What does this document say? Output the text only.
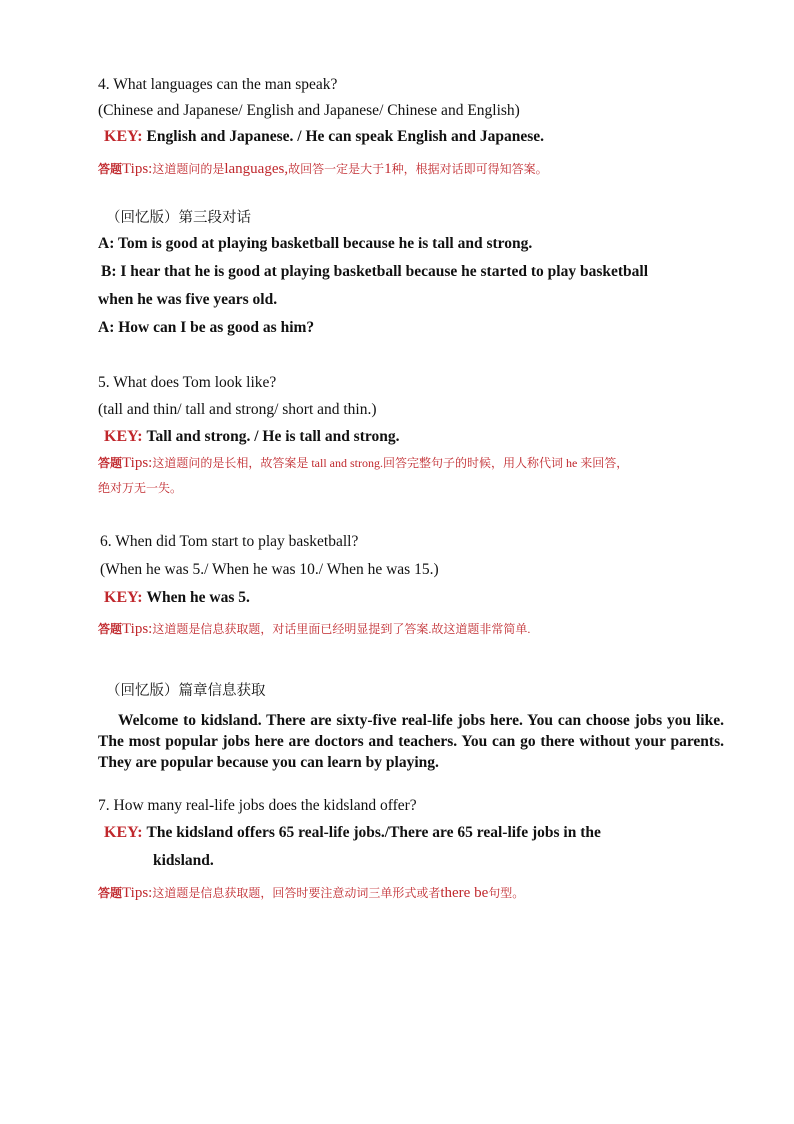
4. What languages can the man speak?
(Chinese and Japanese/ English and Japanese/ Chinese and English)
KEY: English and Japanese. / He can speak English and Japanese.
答题Tips:这道题问的是languages,故回答一定是大于1种，根据对话即可得知答案。
（回忆版）第三段对话
A: Tom is good at playing basketball because he is tall and strong.
B: I hear that he is good at playing basketball because he started to play basketball
when he was five years old.
A: How can I be as good as him?
5. What does Tom look like?
(tall and thin/ tall and strong/ short and thin.)
KEY: Tall and strong. / He is tall and strong.
答题Tips:这道题问的是长相，故答案是 tall and strong.回答完整句子的时候，用人称代词 he 来回答，
绝对万无一失。
6. When did Tom start to play basketball?
(When he was 5./ When he was 10./ When he was 15.)
KEY: When he was 5.
答题Tips:这道题是信息获取题，对话里面已经明显提到了答案.故这道题非常简单.
（回忆版）篇章信息获取
Welcome to kidsland. There are sixty-five real-life jobs here. You can choose jobs you like. The most popular jobs here are doctors and teachers. You can go there without your parents. They are popular because you can learn by playing.
7. How many real-life jobs does the kidsland offer?
KEY: The kidsland offers 65 real-life jobs./There are 65 real-life jobs in the
kidsland.
答题Tips:这道题是信息获取题，回答时要注意动词三单形式或者there be句型。
